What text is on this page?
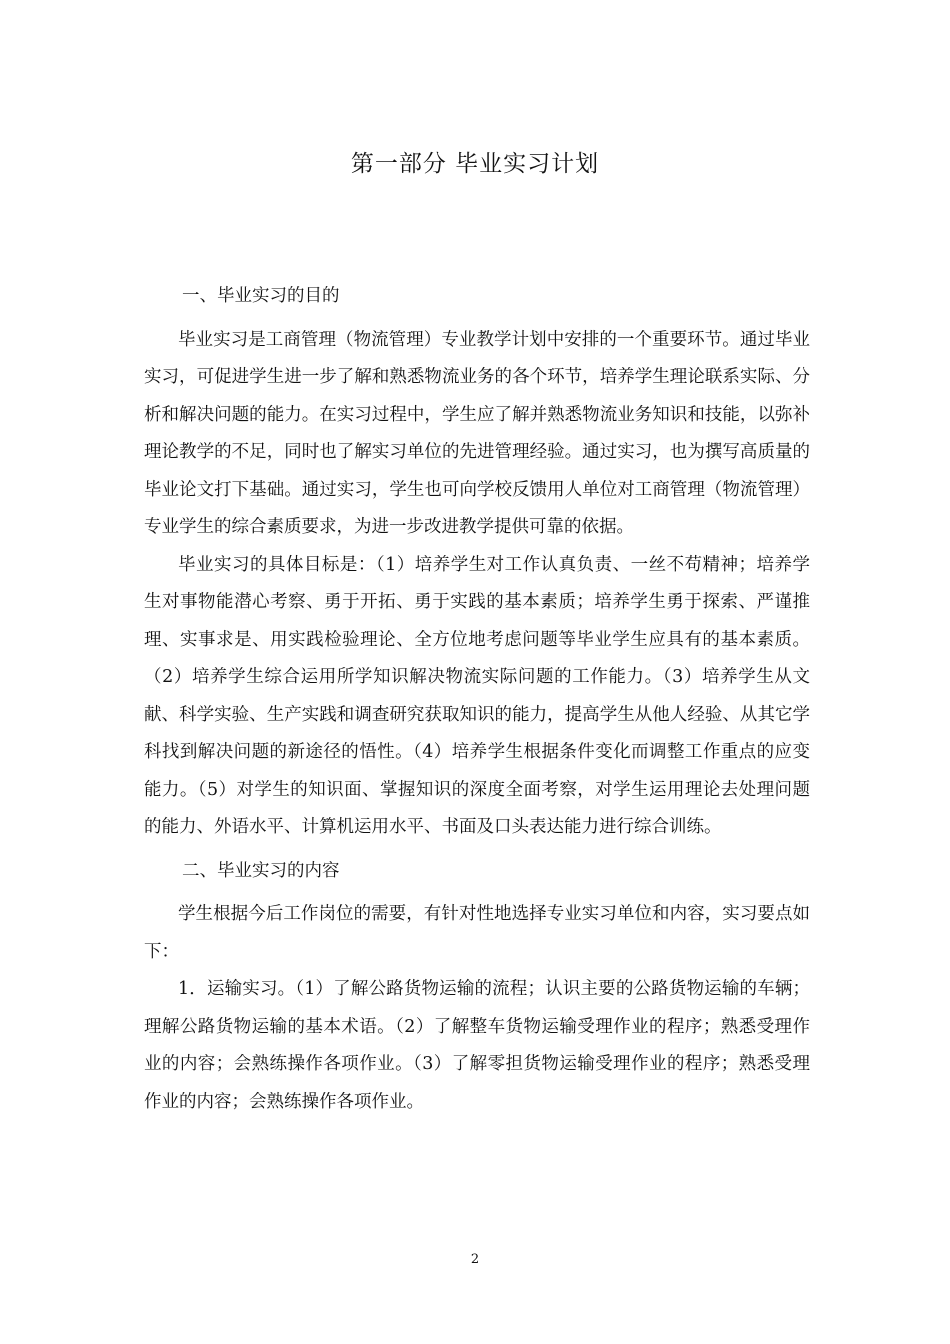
第一部分 毕业实习计划

一、毕业实习的目的

毕业实习是工商管理（物流管理）专业教学计划中安排的一个重要环节。通过毕业实习，可促进学生进一步了解和熟悉物流业务的各个环节，培养学生理论联系实际、分析和解决问题的能力。在实习过程中，学生应了解并熟悉物流业务知识和技能，以弥补理论教学的不足，同时也了解实习单位的先进管理经验。通过实习，也为撰写高质量的毕业论文打下基础。通过实习，学生也可向学校反馈用人单位对工商管理（物流管理）专业学生的综合素质要求，为进一步改进教学提供可靠的依据。

毕业实习的具体目标是：（1）培养学生对工作认真负责、一丝不苟精神；培养学生对事物能潜心考察、勇于开拓、勇于实践的基本素质；培养学生勇于探索、严谨推理、实事求是、用实践检验理论、全方位地考虑问题等毕业学生应具有的基本素质。（2）培养学生综合运用所学知识解决物流实际问题的工作能力。（3）培养学生从文献、科学实验、生产实践和调查研究获取知识的能力，提高学生从他人经验、从其它学科找到解决问题的新途径的悟性。（4）培养学生根据条件变化而调整工作重点的应变能力。（5）对学生的知识面、掌握知识的深度全面考察，对学生运用理论去处理问题的能力、外语水平、计算机运用水平、书面及口头表达能力进行综合训练。

二、毕业实习的内容

学生根据今后工作岗位的需要，有针对性地选择专业实习单位和内容，实习要点如下：

1．运输实习。（1）了解公路货物运输的流程；认识主要的公路货物运输的车辆；理解公路货物运输的基本术语。（2）了解整车货物运输受理作业的程序；熟悉受理作业的内容；会熟练操作各项作业。（3）了解零担货物运输受理作业的程序；熟悉受理作业的内容；会熟练操作各项作业。

2
